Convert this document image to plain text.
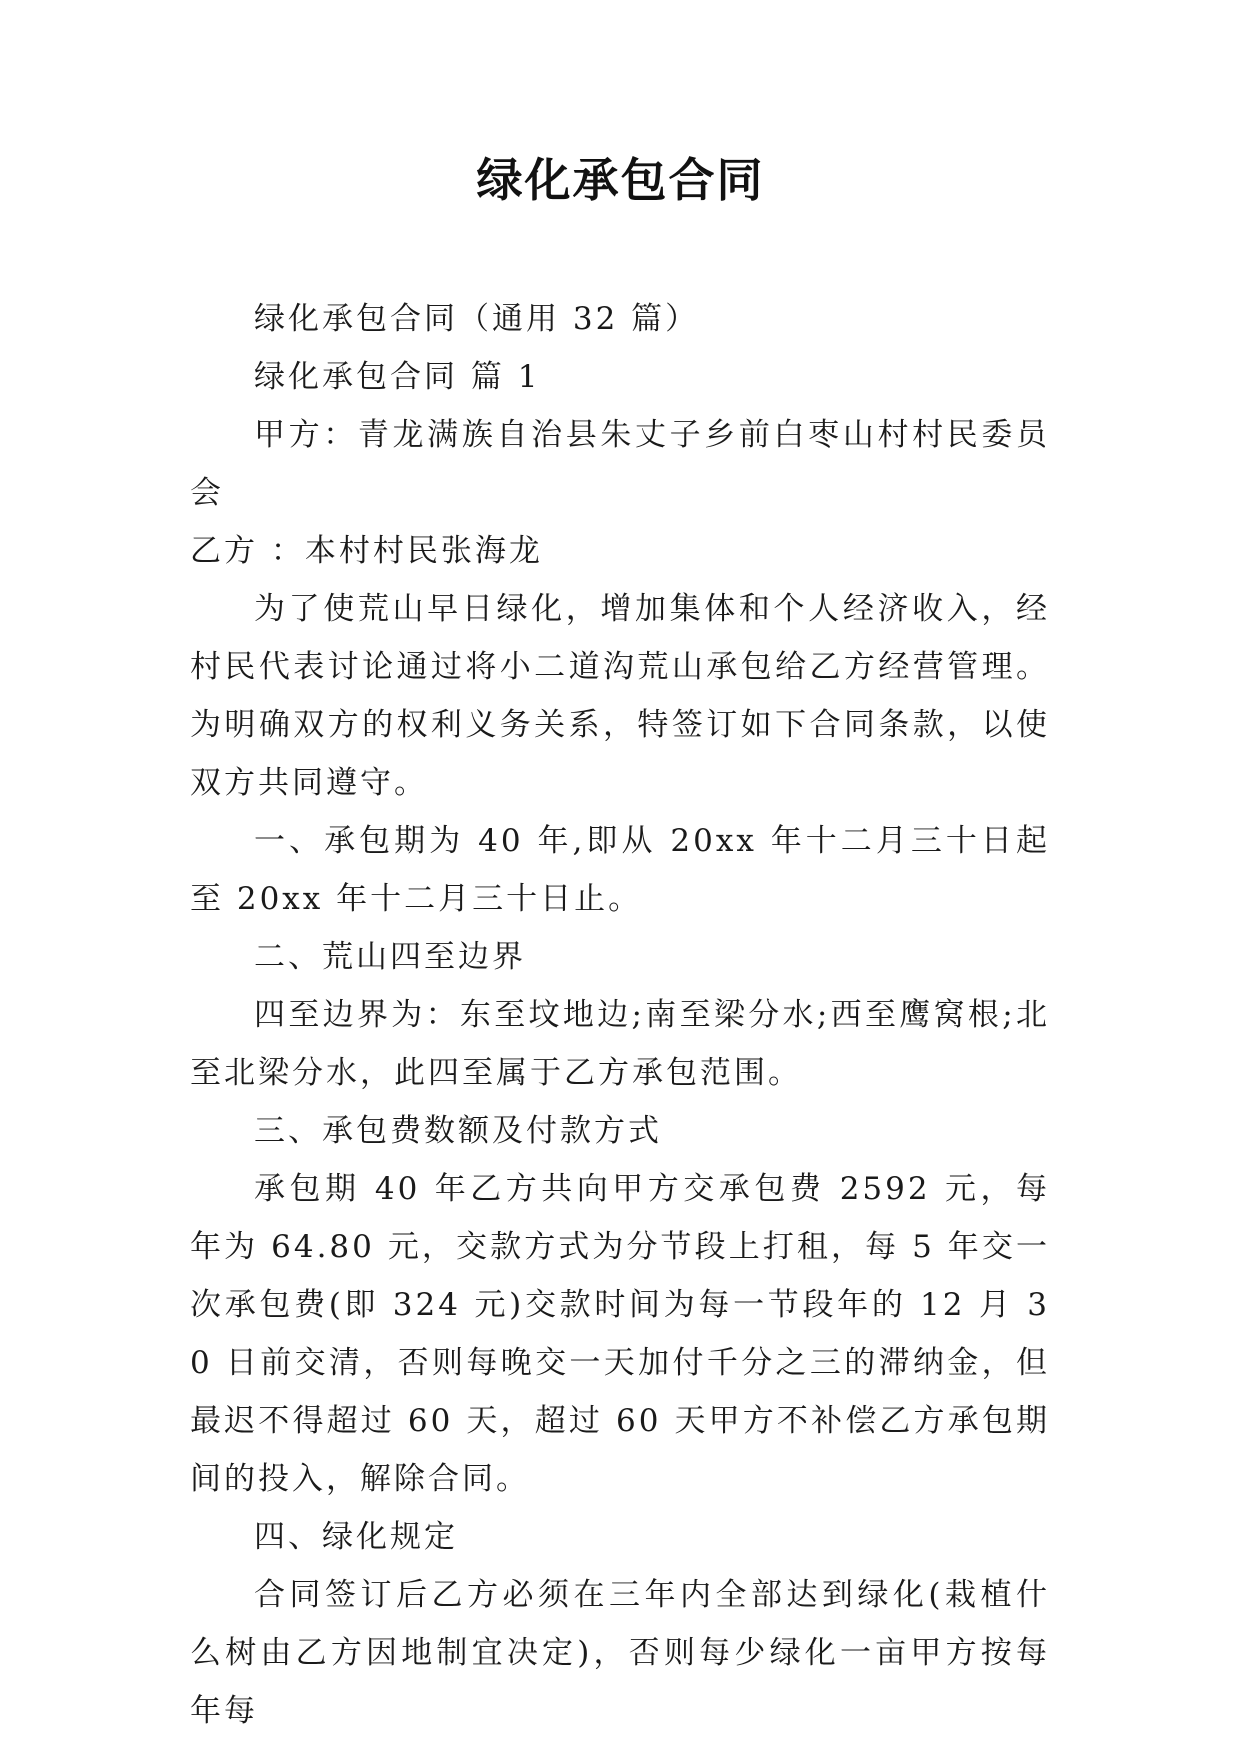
绿化承包合同

绿化承包合同（通用 32 篇）

绿化承包合同 篇 1

甲方：青龙满族自治县朱丈子乡前白枣山村村民委员会

乙方 ：本村村民张海龙

为了使荒山早日绿化，增加集体和个人经济收入，经村民代表讨论通过将小二道沟荒山承包给乙方经营管理。为明确双方的权利义务关系，特签订如下合同条款，以使双方共同遵守。

一、承包期为 40 年,即从 20xx 年十二月三十日起至 20xx 年十二月三十日止。

二、荒山四至边界

四至边界为：东至坟地边;南至梁分水;西至鹰窝根;北至北梁分水，此四至属于乙方承包范围。

三、承包费数额及付款方式

承包期 40 年乙方共向甲方交承包费 2592 元，每年为 64.80 元，交款方式为分节段上打租，每 5 年交一次承包费(即 324 元)交款时间为每一节段年的 12 月 30 日前交清，否则每晚交一天加付千分之三的滞纳金，但最迟不得超过 60 天，超过 60 天甲方不补偿乙方承包期间的投入，解除合同。

四、绿化规定

合同签订后乙方必须在三年内全部达到绿化(栽植什么树由乙方因地制宜决定)，否则每少绿化一亩甲方按每年每
